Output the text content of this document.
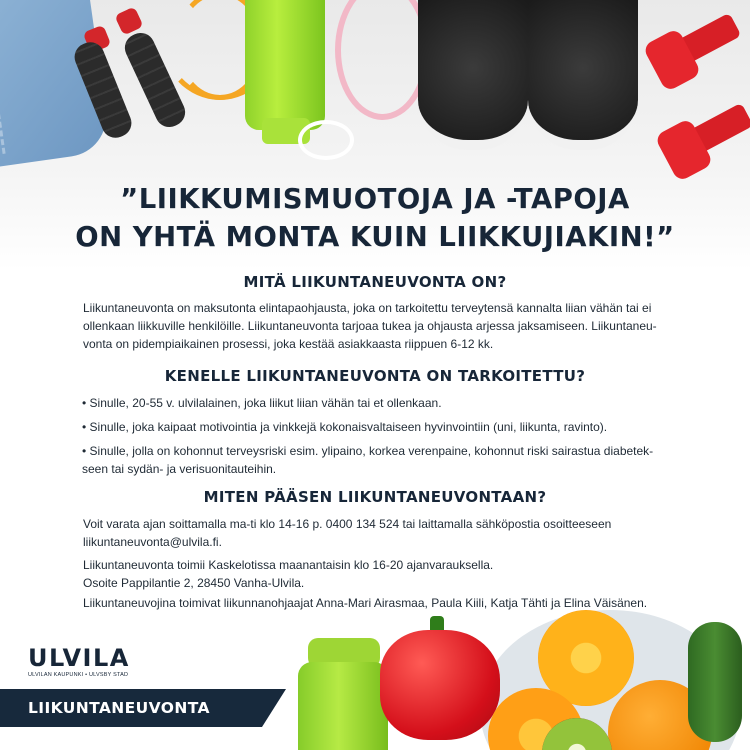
”LIIKKUMISMUOTOJA JA -TAPOJA
ON YHTÄ MONTA KUIN LIIKKUJIAKIN!”
MITÄ LIIKUNTANEUVONTA ON?

Liikuntaneuvonta on maksutonta elintapaohjausta, joka on tarkoitettu terveytensä kannalta liian vähän tai ei

ollenkaan liikkuville henkilöille. Liikuntaneuvonta tarjoaa tukea ja ohjausta arjessa jaksamiseen. Liikuntaneu-

vonta on pidempiaikainen prosessi, joka kestää asiakkaasta riippuen 6-12 kk.

KENELLE LIIKUNTANEUVONTA ON TARKOITETTU?

• Sinulle, 20-55 v. ulvilalainen, joka liikut liian vähän tai et ollenkaan.

• Sinulle, joka kaipaat motivointia ja vinkkejä kokonaisvaltaiseen hyvinvointiin (uni, liikunta, ravinto).

• Sinulle, jolla on kohonnut terveysriski esim. ylipaino, korkea verenpaine, kohonnut riski sairastua diabetek-

seen tai sydän- ja verisuonitauteihin.

MITEN PÄÄSEN LIIKUNTANEUVONTAAN?

Voit varata ajan soittamalla ma-ti klo 14-16 p. 0400 134 524 tai laittamalla sähköpostia osoitteeseen

liikuntaneuvonta@ulvila.fi.

Liikuntaneuvonta toimii Kaskelotissa maanantaisin klo 16-20 ajanvarauksella.

Osoite Pappilantie 2, 28450 Vanha-Ulvila.

Liikuntaneuvojina toimivat liikunnanohjaajat Anna-Mari Airasmaa, Paula Kiili, Katja Tähti ja Elina Väisänen.

ULVILA
ULVILAN KAUPUNKI • ULVSBY STAD
LIIKUNTANEUVONTA
